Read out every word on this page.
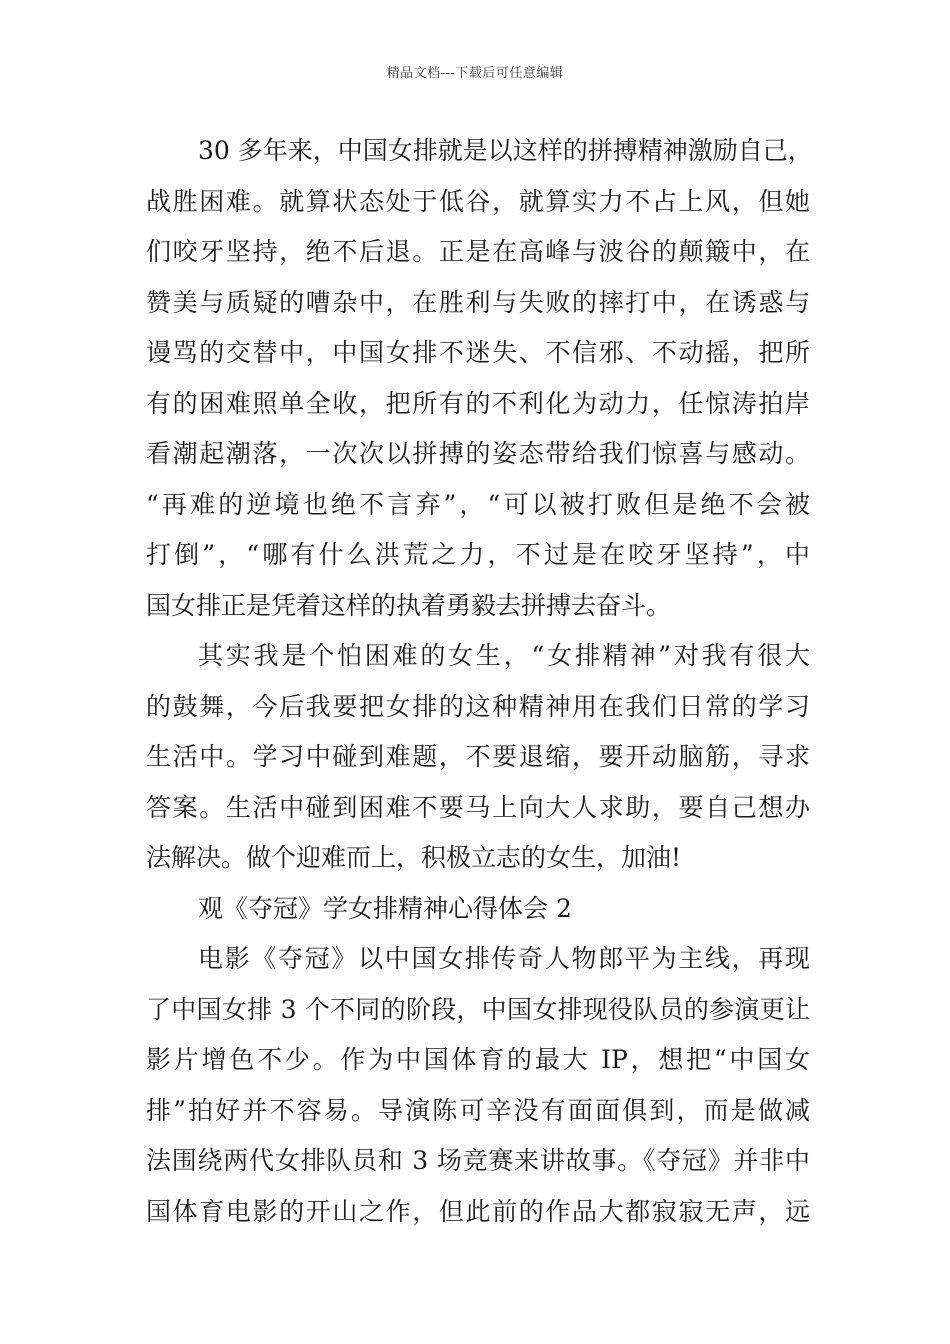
精品文档---下载后可任意编辑
30 多年来，中国女排就是以这样的拼搏精神激励自己，
战胜困难。就算状态处于低谷，就算实力不占上风，但她
们咬牙坚持，绝不后退。正是在高峰与波谷的颠簸中，在
赞美与质疑的嘈杂中，在胜利与失败的摔打中，在诱惑与
谩骂的交替中，中国女排不迷失、不信邪、不动摇，把所
有的困难照单全收，把所有的不利化为动力，任惊涛拍岸
看潮起潮落，一次次以拼搏的姿态带给我们惊喜与感动。
“再难的逆境也绝不言弃”，“可以被打败但是绝不会被
打倒”，“哪有什么洪荒之力，不过是在咬牙坚持”，中
国女排正是凭着这样的执着勇毅去拼搏去奋斗。
其实我是个怕困难的女生，“女排精神”对我有很大
的鼓舞，今后我要把女排的这种精神用在我们日常的学习
生活中。学习中碰到难题，不要退缩，要开动脑筋，寻求
答案。生活中碰到困难不要马上向大人求助，要自己想办
法解决。做个迎难而上，积极立志的女生，加油!
观《夺冠》学女排精神心得体会 2
电影《夺冠》以中国女排传奇人物郎平为主线，再现
了中国女排 3 个不同的阶段，中国女排现役队员的参演更让
影片增色不少。作为中国体育的最大 IP，想把“中国女
排”拍好并不容易。导演陈可辛没有面面俱到，而是做减
法围绕两代女排队员和 3 场竞赛来讲故事。《夺冠》并非中
国体育电影的开山之作，但此前的作品大都寂寂无声，远
